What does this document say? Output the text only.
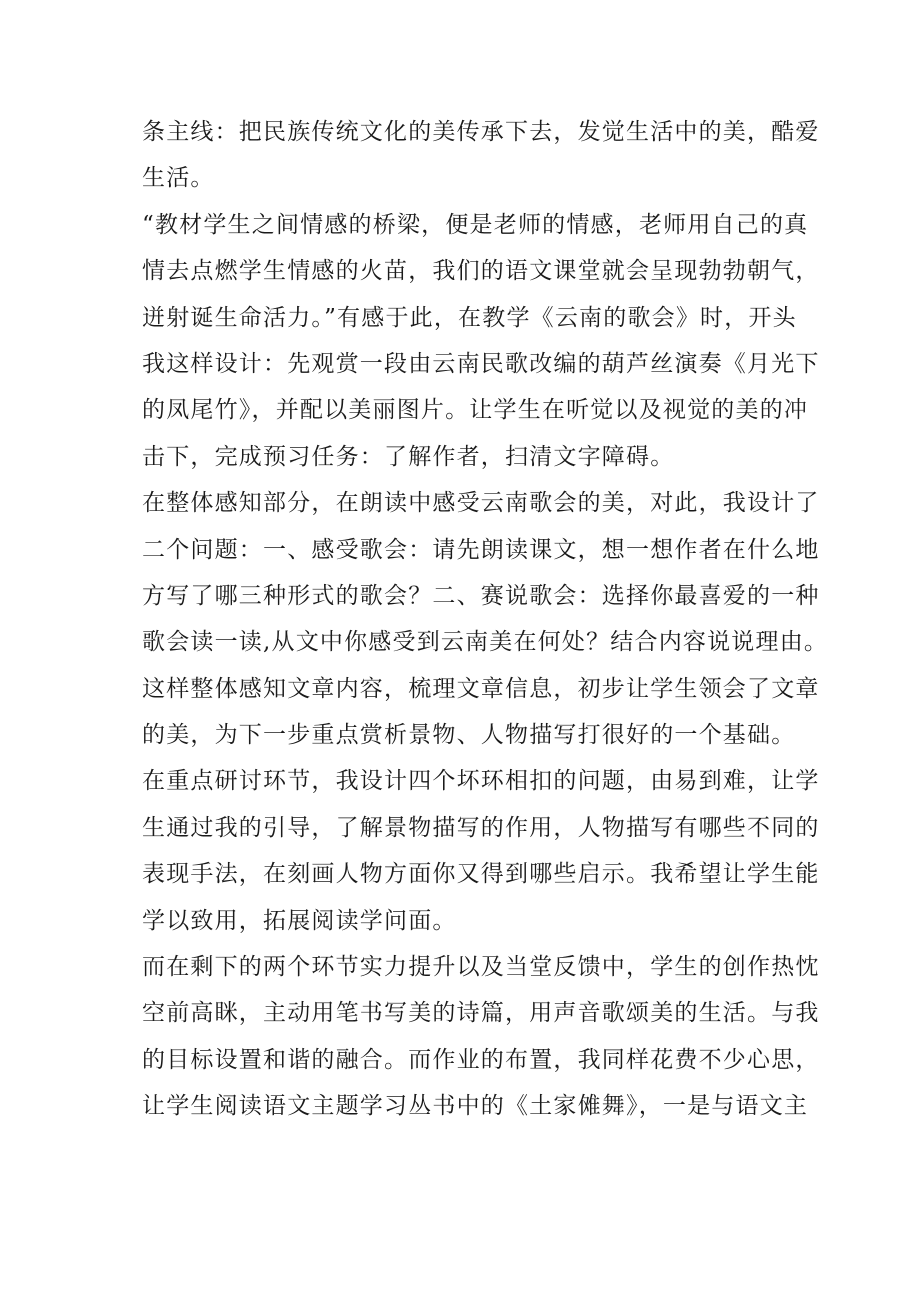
条主线：把民族传统文化的美传承下去，发觉生活中的美，酷爱
生活。
“教材学生之间情感的桥梁，便是老师的情感，老师用自己的真
情去点燃学生情感的火苗，我们的语文课堂就会呈现勃勃朝气，
迸射诞生命活力。”有感于此，在教学《云南的歌会》时，开头
我这样设计：先观赏一段由云南民歌改编的葫芦丝演奏《月光下
的凤尾竹》，并配以美丽图片。让学生在听觉以及视觉的美的冲
击下，完成预习任务：了解作者，扫清文字障碍。
在整体感知部分，在朗读中感受云南歌会的美，对此，我设计了
二个问题：一、感受歌会：请先朗读课文，想一想作者在什么地
方写了哪三种形式的歌会？二、赛说歌会：选择你最喜爱的一种
歌会读一读,从文中你感受到云南美在何处？结合内容说说理由。
这样整体感知文章内容，梳理文章信息，初步让学生领会了文章
的美，为下一步重点赏析景物、人物描写打很好的一个基础。
在重点研讨环节，我设计四个坏环相扣的问题，由易到难，让学
生通过我的引导，了解景物描写的作用，人物描写有哪些不同的
表现手法，在刻画人物方面你又得到哪些启示。我希望让学生能
学以致用，拓展阅读学问面。
而在剩下的两个环节实力提升以及当堂反馈中，学生的创作热忱
空前高眯，主动用笔书写美的诗篇，用声音歌颂美的生活。与我
的目标设置和谐的融合。而作业的布置，我同样花费不少心思，
让学生阅读语文主题学习丛书中的《土家傩舞》，一是与语文主
